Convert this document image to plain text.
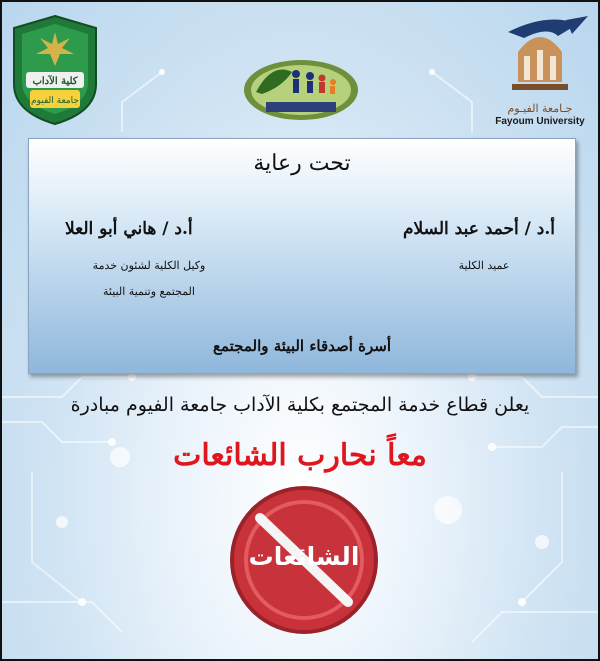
كلية الآداب
جامعة الفيوم
جـامعة الفيـوم
Fayoum University
تحت رعاية
أ.د / أحمد عبد السلام
عميد الكلية
أ.د / هاني أبو العلا
وكيل الكلية لشئون خدمة
المجتمع وتنمية البيئة
أسرة أصدقاء البيئة والمجتمع
يعلن قطاع خدمة المجتمع بكلية الآداب جامعة الفيوم مبادرة
معاً نحارب الشائعات
الشائعات
